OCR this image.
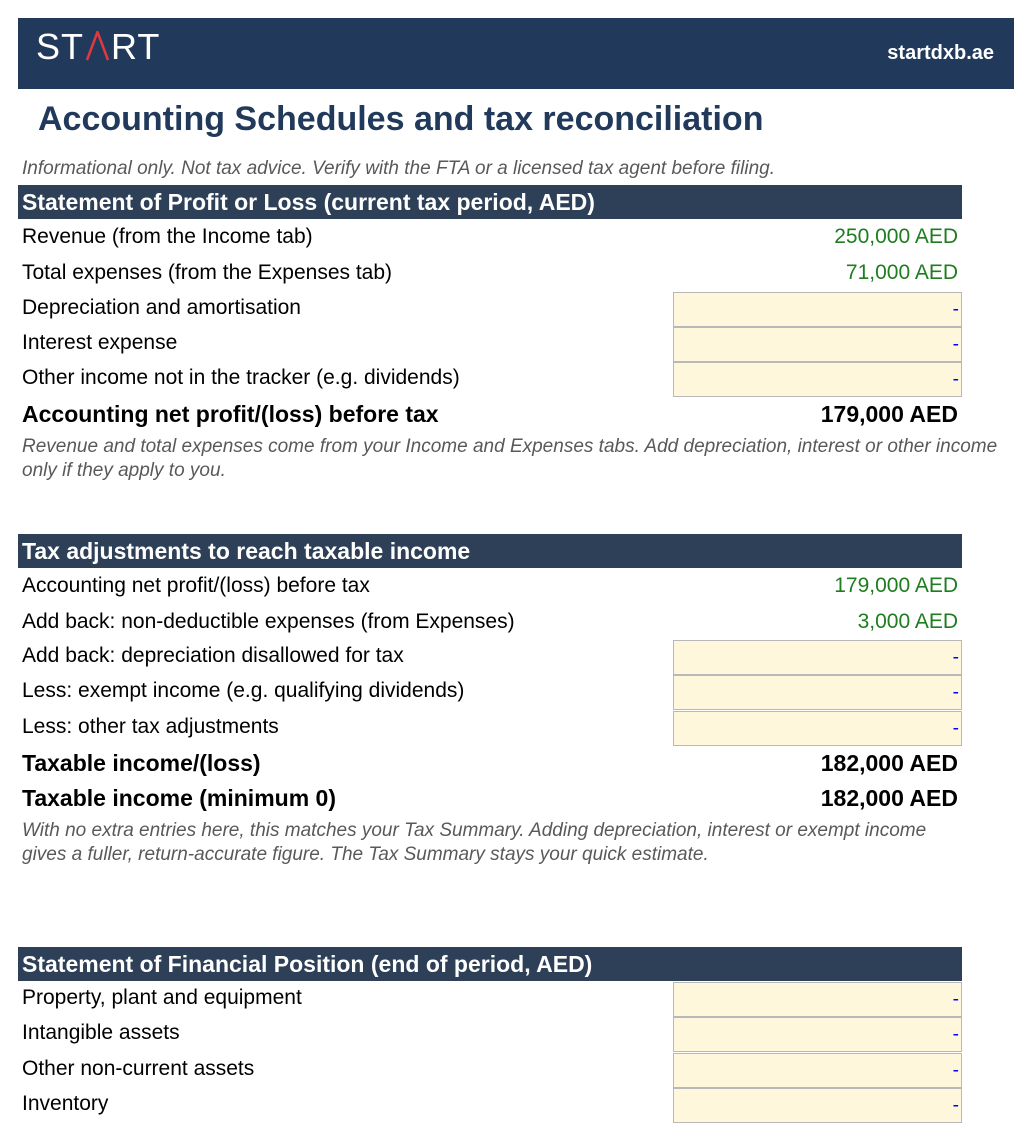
ST RT	startdxb.ae
Accounting Schedules and tax reconciliation
Informational only. Not tax advice. Verify with the FTA or a licensed tax agent before filing.
Statement of Profit or Loss (current tax period, AED)
Revenue (from the Income tab)	250,000 AED
Total expenses (from the Expenses tab)	71,000 AED
Depreciation and amortisation	-
Interest expense	-
Other income not in the tracker (e.g. dividends)	-
Accounting net profit/(loss) before tax	179,000 AED
Revenue and total expenses come from your Income and Expenses tabs. Add depreciation, interest or other income only if they apply to you.
Tax adjustments to reach taxable income
Accounting net profit/(loss) before tax	179,000 AED
Add back: non-deductible expenses (from Expenses)	3,000 AED
Add back: depreciation disallowed for tax	-
Less: exempt income (e.g. qualifying dividends)	-
Less: other tax adjustments	-
Taxable income/(loss)	182,000 AED
Taxable income (minimum 0)	182,000 AED
With no extra entries here, this matches your Tax Summary. Adding depreciation, interest or exempt income gives a fuller, return-accurate figure. The Tax Summary stays your quick estimate.
Statement of Financial Position (end of period, AED)
Property, plant and equipment	-
Intangible assets	-
Other non-current assets	-
Inventory	-
